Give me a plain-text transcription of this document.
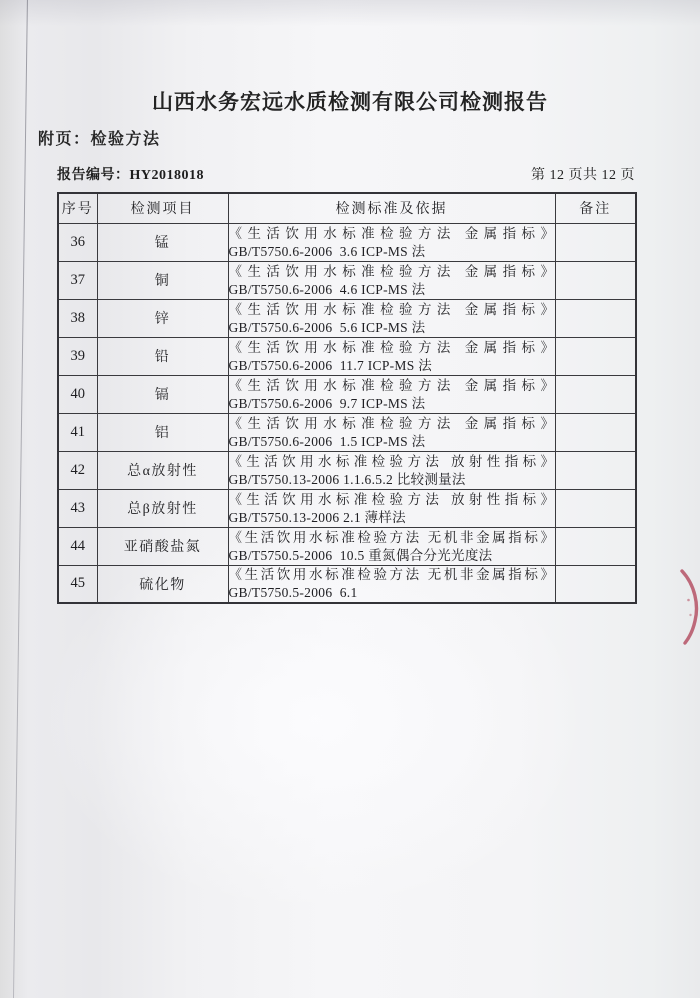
山西水务宏远水质检测有限公司检测报告
附页：检验方法
报告编号：HY2018018	第 12 页共 12 页
序号	检测项目	检测标准及依据	备注
36	锰	《生活饮用水标准检验方法 金属指标》
GB/T5750.6-2006  3.6 ICP-MS 法	

37	铜	《生活饮用水标准检验方法 金属指标》
GB/T5750.6-2006  4.6 ICP-MS 法	

38	锌	《生活饮用水标准检验方法 金属指标》
GB/T5750.6-2006  5.6 ICP-MS 法	

39	铅	《生活饮用水标准检验方法 金属指标》
GB/T5750.6-2006  11.7 ICP-MS 法	

40	镉	《生活饮用水标准检验方法 金属指标》
GB/T5750.6-2006  9.7 ICP-MS 法	

41	铝	《生活饮用水标准检验方法 金属指标》
GB/T5750.6-2006  1.5 ICP-MS 法	

42	总α放射性	《生活饮用水标准检验方法 放射性指标》
GB/T5750.13-2006 1.1.6.5.2 比较测量法	

43	总β放射性	《生活饮用水标准检验方法 放射性指标》
GB/T5750.13-2006 2.1 薄样法	

44	亚硝酸盐氮	《生活饮用水标准检验方法 无机非金属指标》
GB/T5750.5-2006  10.5 重氮偶合分光光度法	

45	硫化物	《生活饮用水标准检验方法 无机非金属指标》
GB/T5750.5-2006  6.1	
